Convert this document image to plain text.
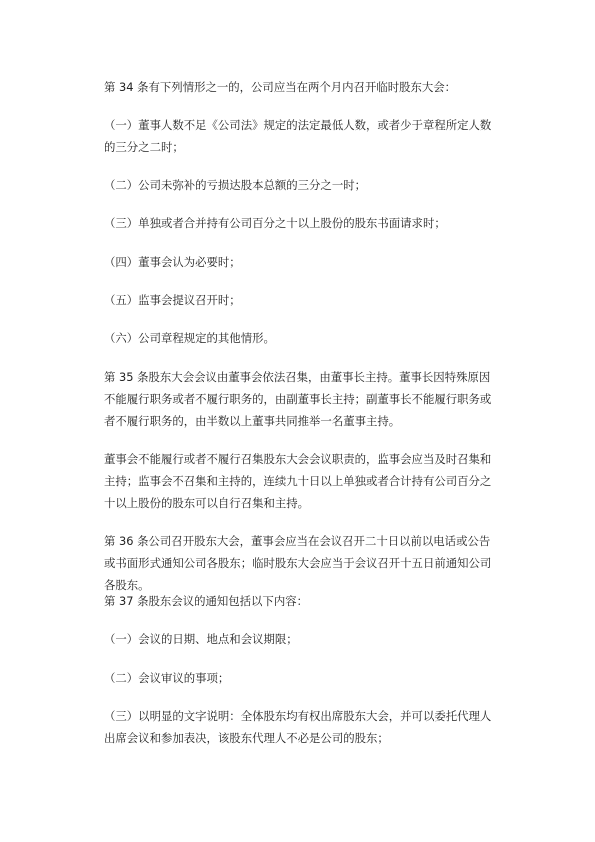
第 34 条有下列情形之一的，公司应当在两个月内召开临时股东大会：

（一）董事人数不足《公司法》规定的法定最低人数，或者少于章程所定人数的三分之二时；

（二）公司未弥补的亏损达股本总额的三分之一时；

（三）单独或者合并持有公司百分之十以上股份的股东书面请求时；

（四）董事会认为必要时；

（五）监事会提议召开时；

（六）公司章程规定的其他情形。

第 35 条股东大会会议由董事会依法召集，由董事长主持。董事长因特殊原因不能履行职务或者不履行职务的，由副董事长主持；副董事长不能履行职务或者不履行职务的，由半数以上董事共同推举一名董事主持。

董事会不能履行或者不履行召集股东大会会议职责的，监事会应当及时召集和主持；监事会不召集和主持的，连续九十日以上单独或者合计持有公司百分之十以上股份的股东可以自行召集和主持。

第 36 条公司召开股东大会，董事会应当在会议召开二十日以前以电话或公告或书面形式通知公司各股东；临时股东大会应当于会议召开十五日前通知公司各股东。

第 37 条股东会议的通知包括以下内容：

（一）会议的日期、地点和会议期限；

（二）会议审议的事项；

（三）以明显的文字说明：全体股东均有权出席股东大会，并可以委托代理人出席会议和参加表决，该股东代理人不必是公司的股东；
